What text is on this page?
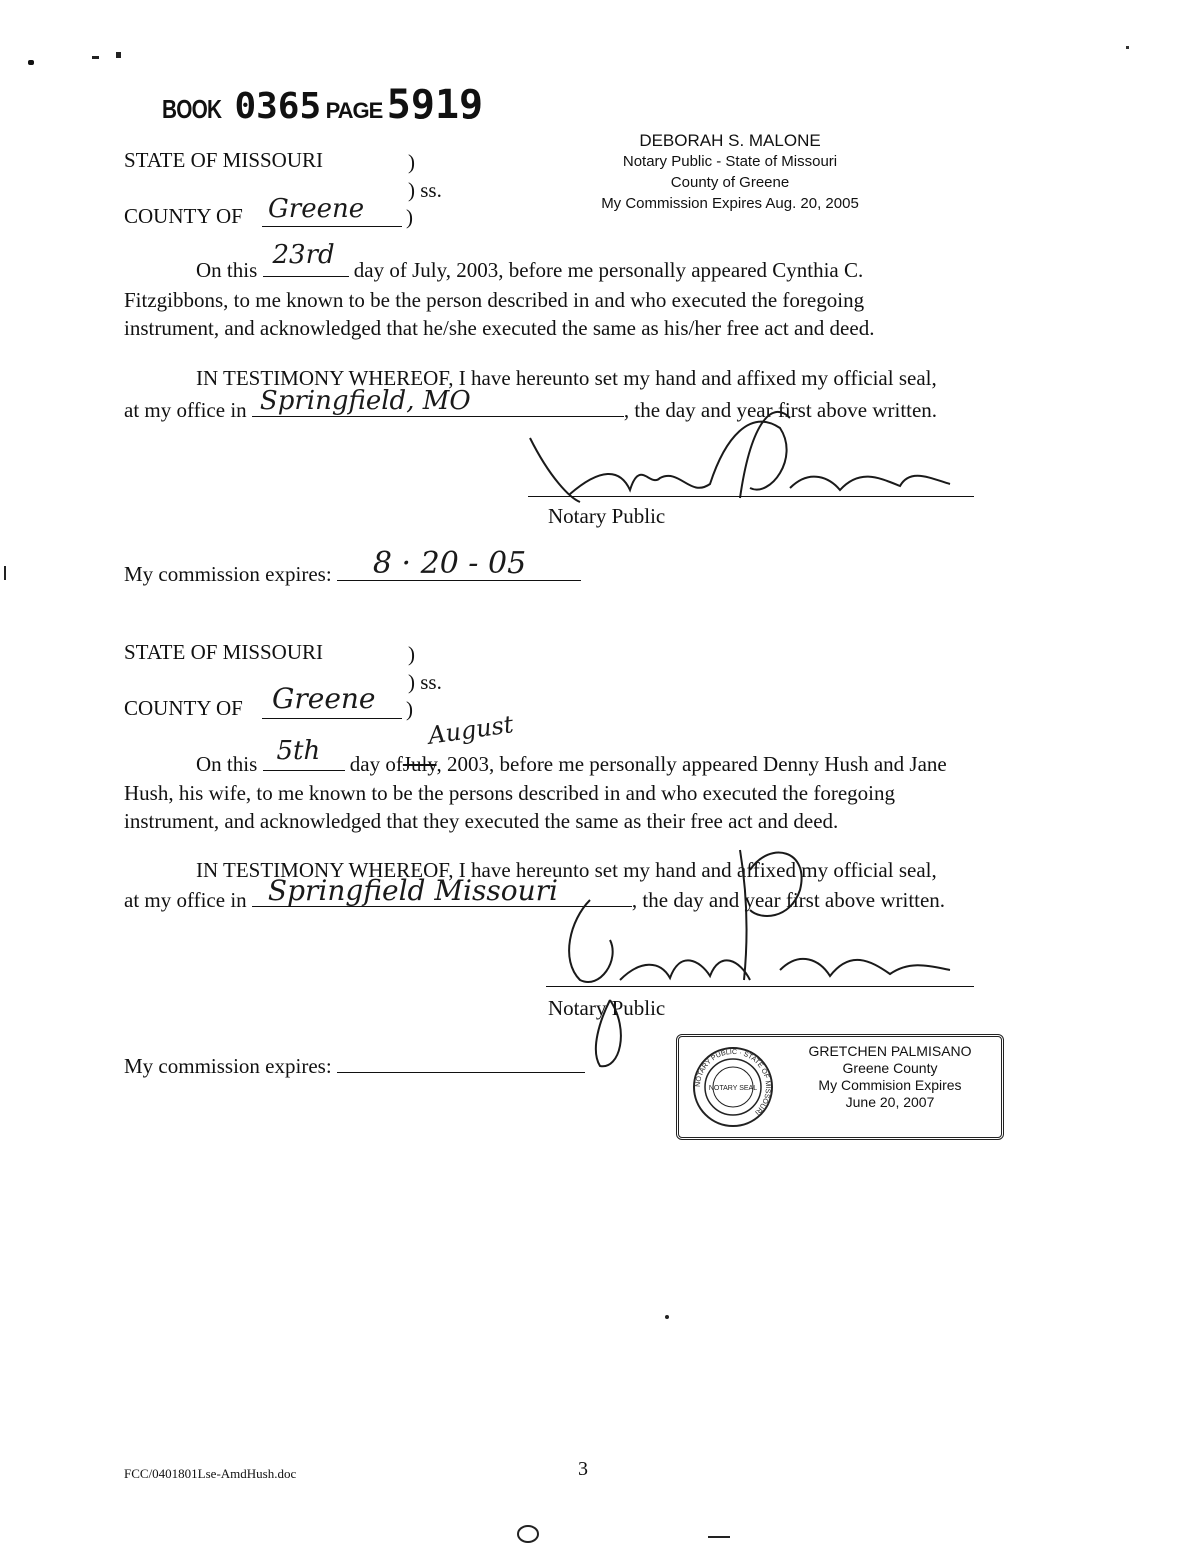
BOOK 0365 PAGE 5919
DEBORAH S. MALONE
Notary Public - State of Missouri
County of Greene
My Commission Expires Aug. 20, 2005
STATE OF MISSOURI	)
) ss.
COUNTY OF Greene )
On this 23rd day of July, 2003, before me personally appeared Cynthia C.
Fitzgibbons, to me known to be the person described in and who executed the foregoing
instrument, and acknowledged that he/she executed the same as his/her free act and deed.
IN TESTIMONY WHEREOF, I have hereunto set my hand and affixed my official seal,
at my office in Springfield, MO	, the day and year first above written.
Notary Public
My commission expires: 8 · 20 - 05
STATE OF MISSOURI	)
) ss.
COUNTY OF Greene )
August
On this 5th day ofJuly, 2003, before me personally appeared Denny Hush and Jane
Hush, his wife, to me known to be the persons described in and who executed the foregoing
instrument, and acknowledged that they executed the same as their free act and deed.
IN TESTIMONY WHEREOF, I have hereunto set my hand and affixed my official seal,
at my office in Springfield Missouri	, the day and year first above written.
Notary Public
My commission expires:
NOTARY PUBLIC · STATE OF MISSOURI
NOTARY SEAL
GRETCHEN PALMISANO
Greene County
My Commision Expires
June 20, 2007
FCC/0401801Lse-AmdHush.doc	3
